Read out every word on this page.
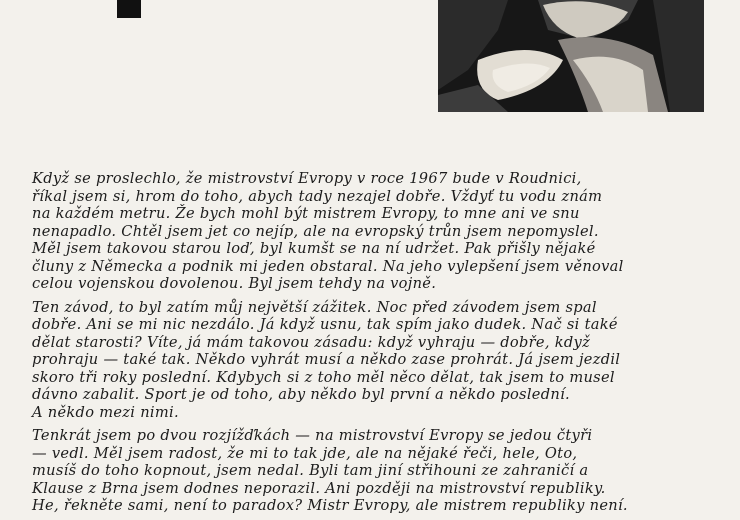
Když se proslechlo, že mistrovství Evropy v roce 1967 bude v Roudnici,
říkal jsem si, hrom do toho, abych tady nezajel dobře. Vždyť tu vodu znám
na každém metru. Že bych mohl být mistrem Evropy, to mne ani ve snu
nenapadlo. Chtěl jsem jet co nejíp, ale na evropský trůn jsem nepomyslel.
Měl jsem takovou starou loď, byl kumšt se na ní udržet. Pak přišly nějaké
čluny z Německa a podnik mi jeden obstaral. Na jeho vylepšení jsem věnoval
celou vojenskou dovolenou. Byl jsem tehdy na vojně.

Ten závod, to byl zatím můj největší zážitek. Noc před závodem jsem spal
dobře. Ani se mi nic nezdálo. Já když usnu, tak spím jako dudek. Nač si také
dělat starosti? Víte, já mám takovou zásadu: když vyhraju — dobře, když
prohraju — také tak. Někdo vyhrát musí a někdo zase prohrát. Já jsem jezdil
skoro tři roky poslední. Kdybych si z toho měl něco dělat, tak jsem to musel
dávno zabalit. Sport je od toho, aby někdo byl první a někdo poslední.
A někdo mezi nimi.

Tenkrát jsem po dvou rozjížďkách — na mistrovství Evropy se jedou čtyři
— vedl. Měl jsem radost, že mi to tak jde, ale na nějaké řeči, hele, Oto,
musíš do toho kopnout, jsem nedal. Byli tam jiní střihouni ze zahraničí a
Klause z Brna jsem dodnes neporazil. Ani později na mistrovství republiky.
He, řekněte sami, není to paradox? Mistr Evropy, ale mistrem republiky není.
